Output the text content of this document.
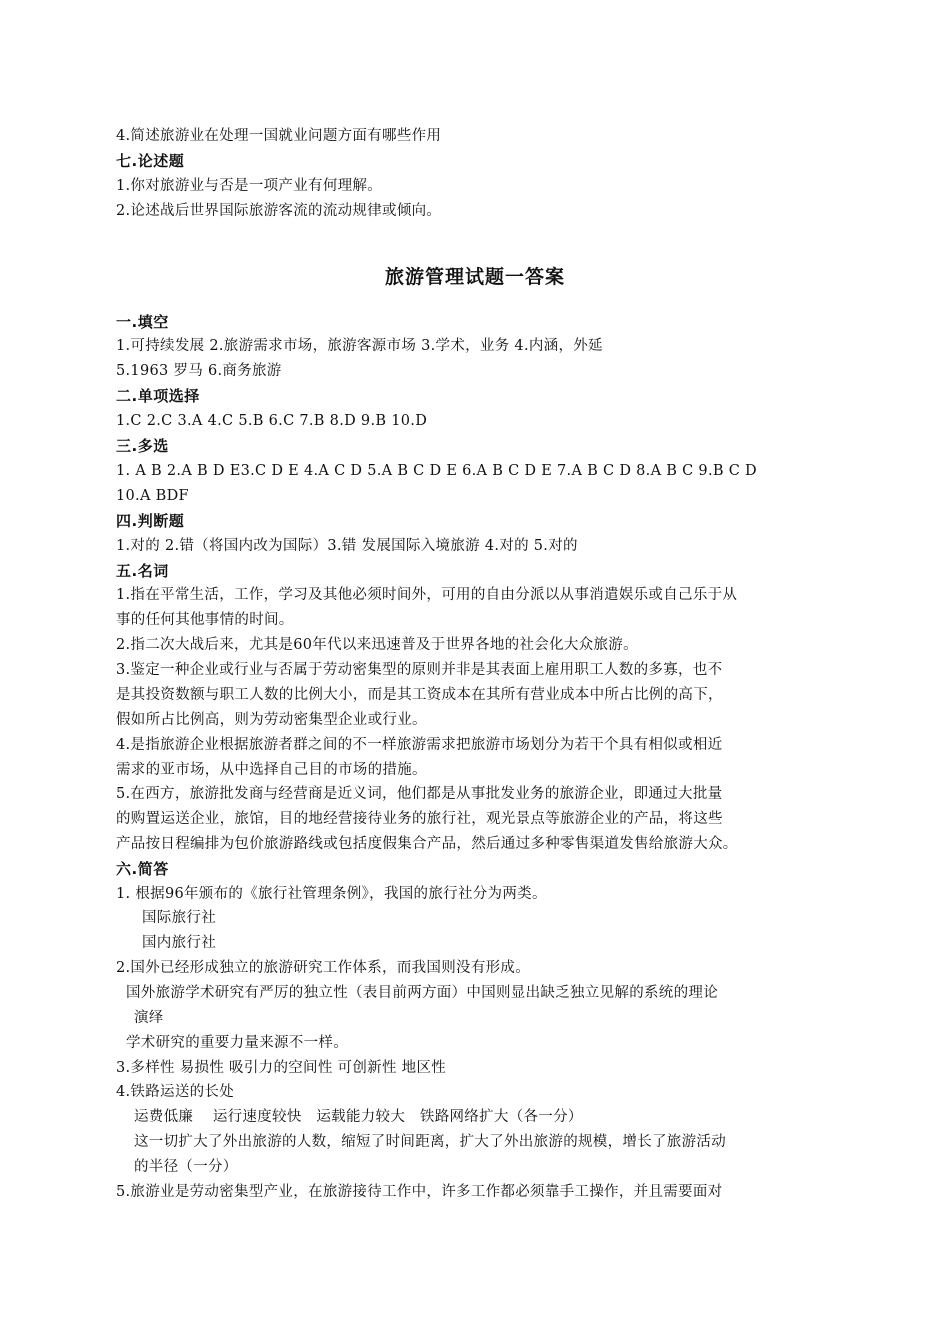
4.简述旅游业在处理一国就业问题方面有哪些作用
七.论述题
1.你对旅游业与否是一项产业有何理解。
2.论述战后世界国际旅游客流的流动规律或倾向。
旅游管理试题一答案
一.填空
1.可持续发展 2.旅游需求市场，旅游客源市场 3.学术，业务 4.内涵，外延
5.1963 罗马 6.商务旅游
二.单项选择
1.C 2.C 3.A 4.C 5.B 6.C 7.B 8.D 9.B 10.D
三.多选
1. A B 2.A B D E3.C D E 4.A C D 5.A B C D E 6.A B C D E 7.A B C D 8.A B C 9.B C D
10.A BDF
四.判断题
1.对的 2.错（将国内改为国际）3.错 发展国际入境旅游 4.对的 5.对的
五.名词
1.指在平常生活，工作，学习及其他必须时间外，可用的自由分派以从事消遣娱乐或自己乐于从
事的任何其他事情的时间。
2.指二次大战后来，尤其是60年代以来迅速普及于世界各地的社会化大众旅游。
3.鉴定一种企业或行业与否属于劳动密集型的原则并非是其表面上雇用职工人数的多寡，也不
是其投资数额与职工人数的比例大小，而是其工资成本在其所有营业成本中所占比例的高下，
假如所占比例高，则为劳动密集型企业或行业。
4.是指旅游企业根据旅游者群之间的不一样旅游需求把旅游市场划分为若干个具有相似或相近
需求的亚市场，从中选择自己目的市场的措施。
5.在西方，旅游批发商与经营商是近义词，他们都是从事批发业务的旅游企业，即通过大批量
的购置运送企业，旅馆，目的地经营接待业务的旅行社，观光景点等旅游企业的产品，将这些
产品按日程编排为包价旅游路线或包括度假集合产品，然后通过多种零售渠道发售给旅游大众。
六.简答
1. 根据96年颁布的《旅行社管理条例》，我国的旅行社分为两类。
国际旅行社
国内旅行社
2.国外已经形成独立的旅游研究工作体系，而我国则没有形成。
国外旅游学术研究有严厉的独立性（表目前两方面）中国则显出缺乏独立见解的系统的理论
演绎
学术研究的重要力量来源不一样。
3.多样性 易损性 吸引力的空间性 可创新性 地区性
4.铁路运送的长处
运费低廉    运行速度较快   运载能力较大   铁路网络扩大（各一分）
这一切扩大了外出旅游的人数，缩短了时间距离，扩大了外出旅游的规模，增长了旅游活动
的半径（一分）
5.旅游业是劳动密集型产业，在旅游接待工作中，许多工作都必须靠手工操作，并且需要面对
